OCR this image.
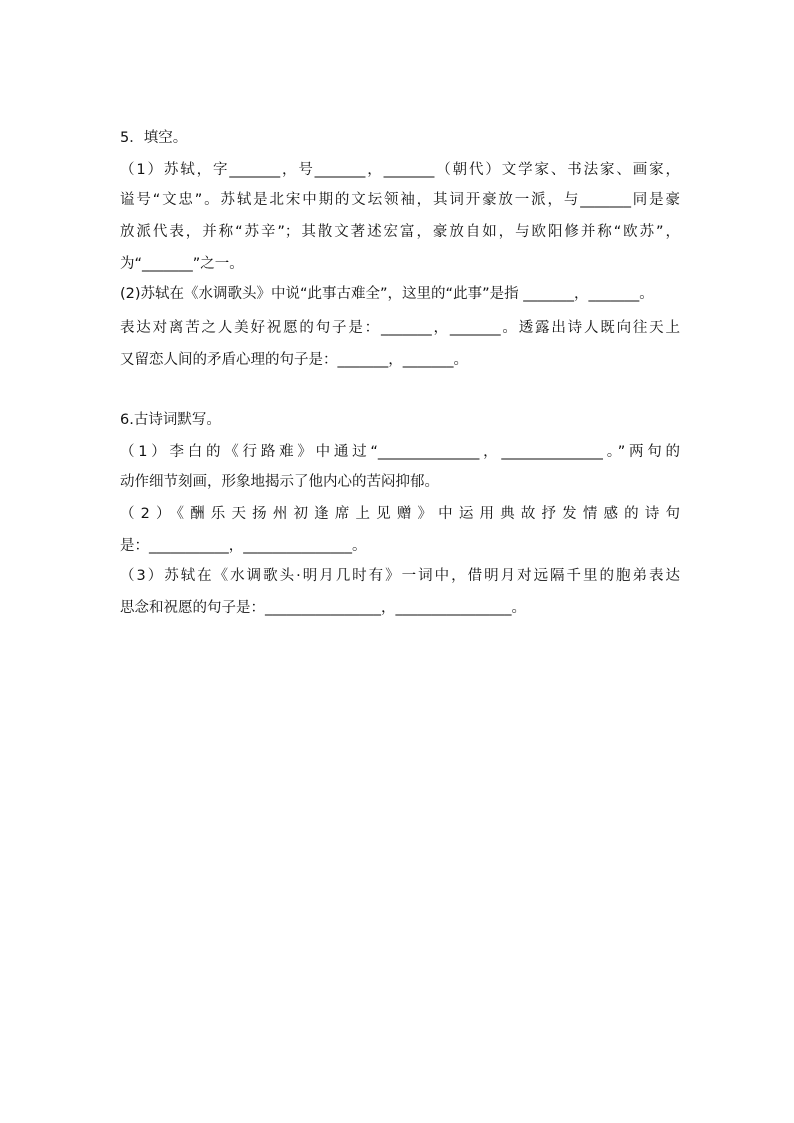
5．填空。
（1）苏轼，字_______，号_______，_______（朝代）文学家、书法家、画家，
谥号“文忠”。苏轼是北宋中期的文坛领袖，其词开豪放一派，与_______同是豪
放派代表，并称“苏辛”；其散文著述宏富，豪放自如，与欧阳修并称“欧苏”，
为“_______”之一。
(2)苏轼在《水调歌头》中说“此事古难全”，这里的“此事”是指 _______，_______。
表达对离苦之人美好祝愿的句子是：_______，_______。透露出诗人既向往天上
又留恋人间的矛盾心理的句子是：_______，_______。
6.古诗词默写。
（1）李白的《行路难》中通过“______________，______________。”两句的
动作细节刻画，形象地揭示了他内心的苦闷抑郁。
（2）《酬乐天扬州初逢席上见赠》中运用典故抒发情感的诗句
是：___________，_______________。
（3）苏轼在《水调歌头·明月几时有》一词中，借明月对远隔千里的胞弟表达
思念和祝愿的句子是：________________，________________。
